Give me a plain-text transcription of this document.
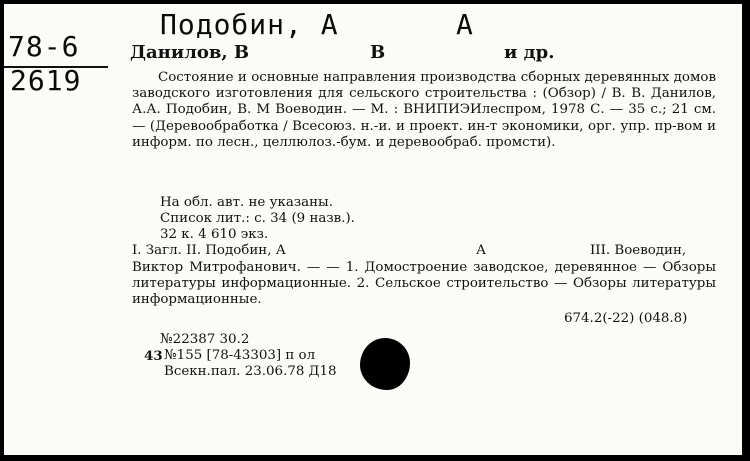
Подобин, А	А
78-6
2619
Данилов, В	В	и др.

Состояние и основные направления производства сборных деревянных домов заводского изготовления для сельского строительства : (Обзор) / В. В. Данилов, А.А. Подобин, В. М Воеводин. — М. : ВНИПИЭИлеспром, 1978 С. — 35 с.; 21 см. — (Деревообработка / Всесоюз. н.-и. и проект. ин-т экономики, орг. упр. пр-вом и информ. по лесн., целлюлоз.-бум. и деревообраб. промсти).

На обл. авт. не указаны.
Список лит.: с. 34 (9 назв.).
32 к. 4 610 экз.
I. Загл. II. Подобин, А	А	III. Воеводин,
Виктор Митрофанович. — — 1. Домостроение заводское, деревянное — Обзоры литературы информационные. 2. Сельское строительство — Обзоры литературы информационные.
674.2(-22) (048.8)
№22387 30.2
43 №155 [78-43303] п ол
Всекн.пал. 23.06.78 Д18
